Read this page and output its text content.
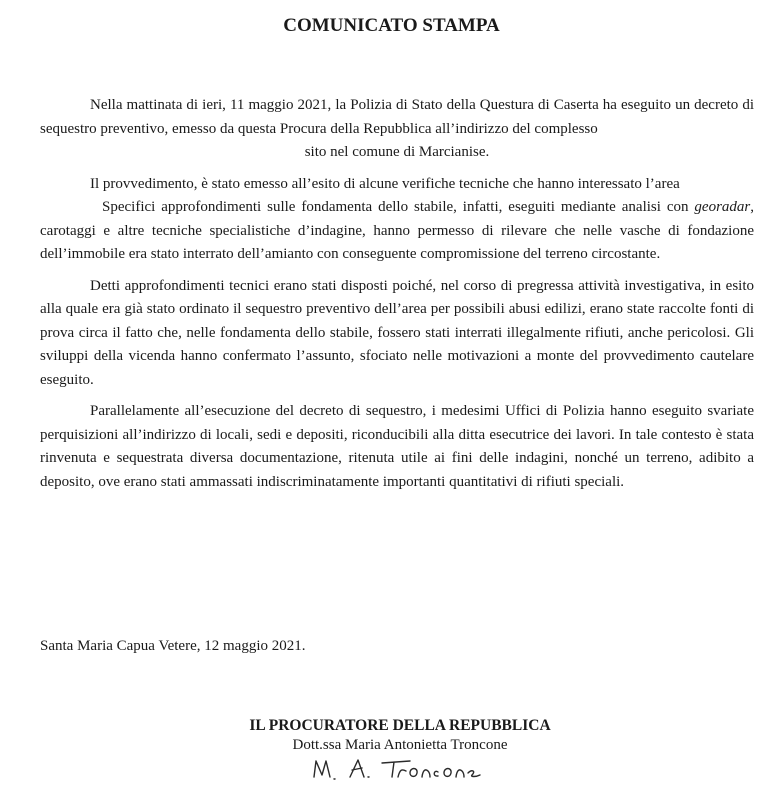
COMUNICATO STAMPA

Nella mattinata di ieri, 11 maggio 2021, la Polizia di Stato della Questura di Caserta ha eseguito un decreto di sequestro preventivo, emesso da questa Procura della Repubblica all’indirizzo del complesso

sito nel comune di Marcianise.

Il provvedimento, è stato emesso all’esito di alcune verifiche tecniche che hanno interessato l’area

Specifici approfondimenti sulle fondamenta dello stabile, infatti, eseguiti mediante analisi con georadar, carotaggi e altre tecniche specialistiche d’indagine, hanno permesso di rilevare che nelle vasche di fondazione dell’immobile era stato interrato dell’amianto con conseguente compromissione del terreno circostante.

Detti approfondimenti tecnici erano stati disposti poiché, nel corso di pregressa attività investigativa, in esito alla quale era già stato ordinato il sequestro preventivo dell’area per possibili abusi edilizi, erano state raccolte fonti di prova circa il fatto che, nelle fondamenta dello stabile, fossero stati interrati illegalmente rifiuti, anche pericolosi. Gli sviluppi della vicenda hanno confermato l’assunto, sfociato nelle motivazioni a monte del provvedimento cautelare eseguito.

Parallelamente all’esecuzione del decreto di sequestro, i medesimi Uffici di Polizia hanno eseguito svariate perquisizioni all’indirizzo di locali, sedi e depositi, riconducibili alla ditta esecutrice dei lavori. In tale contesto è stata rinvenuta e sequestrata diversa documentazione, ritenuta utile ai fini delle indagini, nonché un terreno, adibito a deposito, ove erano stati ammassati indiscriminatamente importanti quantitativi di rifiuti speciali.

Santa Maria Capua Vetere, 12 maggio 2021.
IL PROCURATORE DELLA REPUBBLICA
Dott.ssa Maria Antonietta Troncone
